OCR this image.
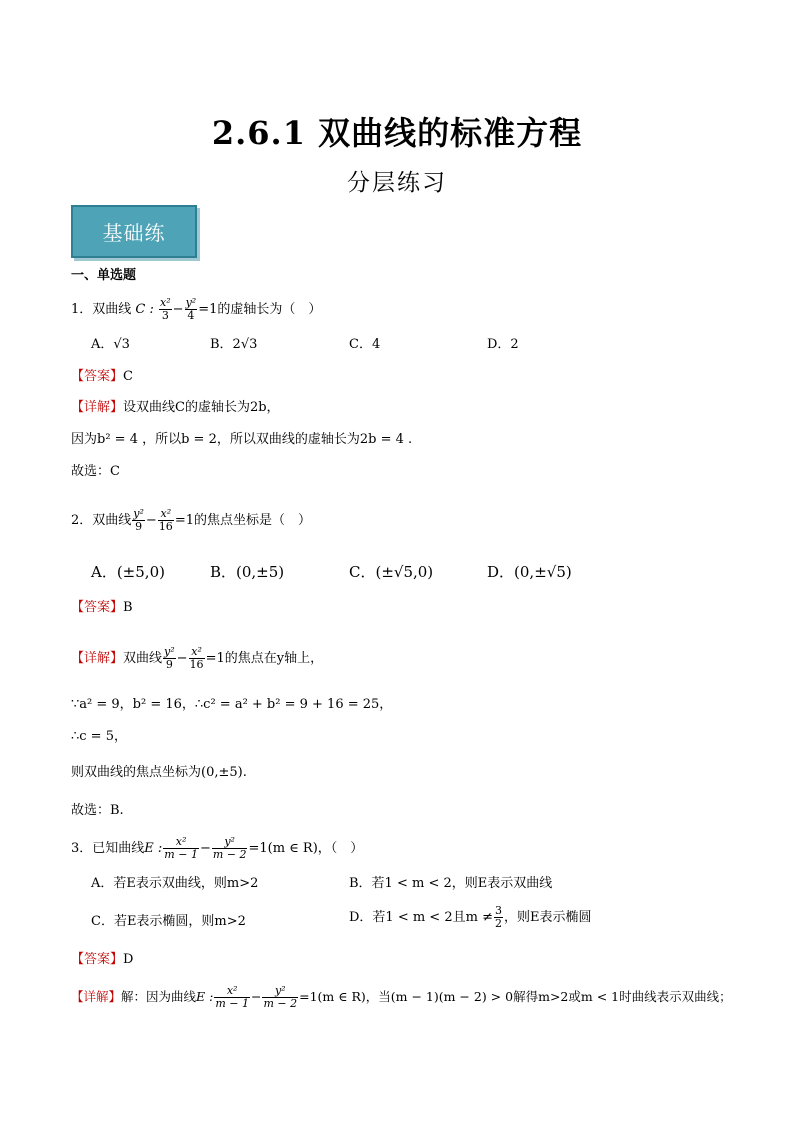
2.6.1 双曲线的标准方程
分层练习
基础练
一、单选题
1．双曲线 C : $\frac{\text{x²}}{3} - \frac{\text{y²}}{4} =1$的虚轴长为（　）
A．√3	B．2√3	C．4	D．2
【答案】C
【详解】设双曲线C的虚轴长为2b，
因为b² = 4 ，所以b = 2，所以双曲线的虚轴长为2b = 4 .
故选：C
2．双曲线 $\frac{\text{y²}}{9} - \frac{\text{x²}}{16} =1$的焦点坐标是（　）
A．(±5,0)	B．(0,±5)	C．(±√5,0)	D．(0,±√5)
【答案】B
【详解】双曲线 $\frac{\text{y²}}{9} - \frac{\text{x²}}{16} =1$的焦点在y轴上，
∵a² = 9，b² = 16，∴c² = a² + b² = 9 + 16 = 25，
∴c = 5，
则双曲线的焦点坐标为(0,±5).
故选：B.
3．已知曲线E : $\frac{\text{x²}}{m - 1} - \frac{\text{y²}}{m - 2} =1(m$ ∈ R)，（　）
A．若E表示双曲线，则m>2	B．若1 < m < 2，则E表示双曲线
C．若E表示椭圆，则m>2	D．若1 < m < 2且$m \ne \frac{3}{2}$ ，则E表示椭圆
【答案】D
【详解】解：因为曲线E : $\frac{\text{x²}}{m - 1} - \frac{\text{y²}}{m - 2} =1(m$ ∈ R)，当(m − 1)(m − 2) > 0解得m>2或m < 1时曲线表示双曲线；
